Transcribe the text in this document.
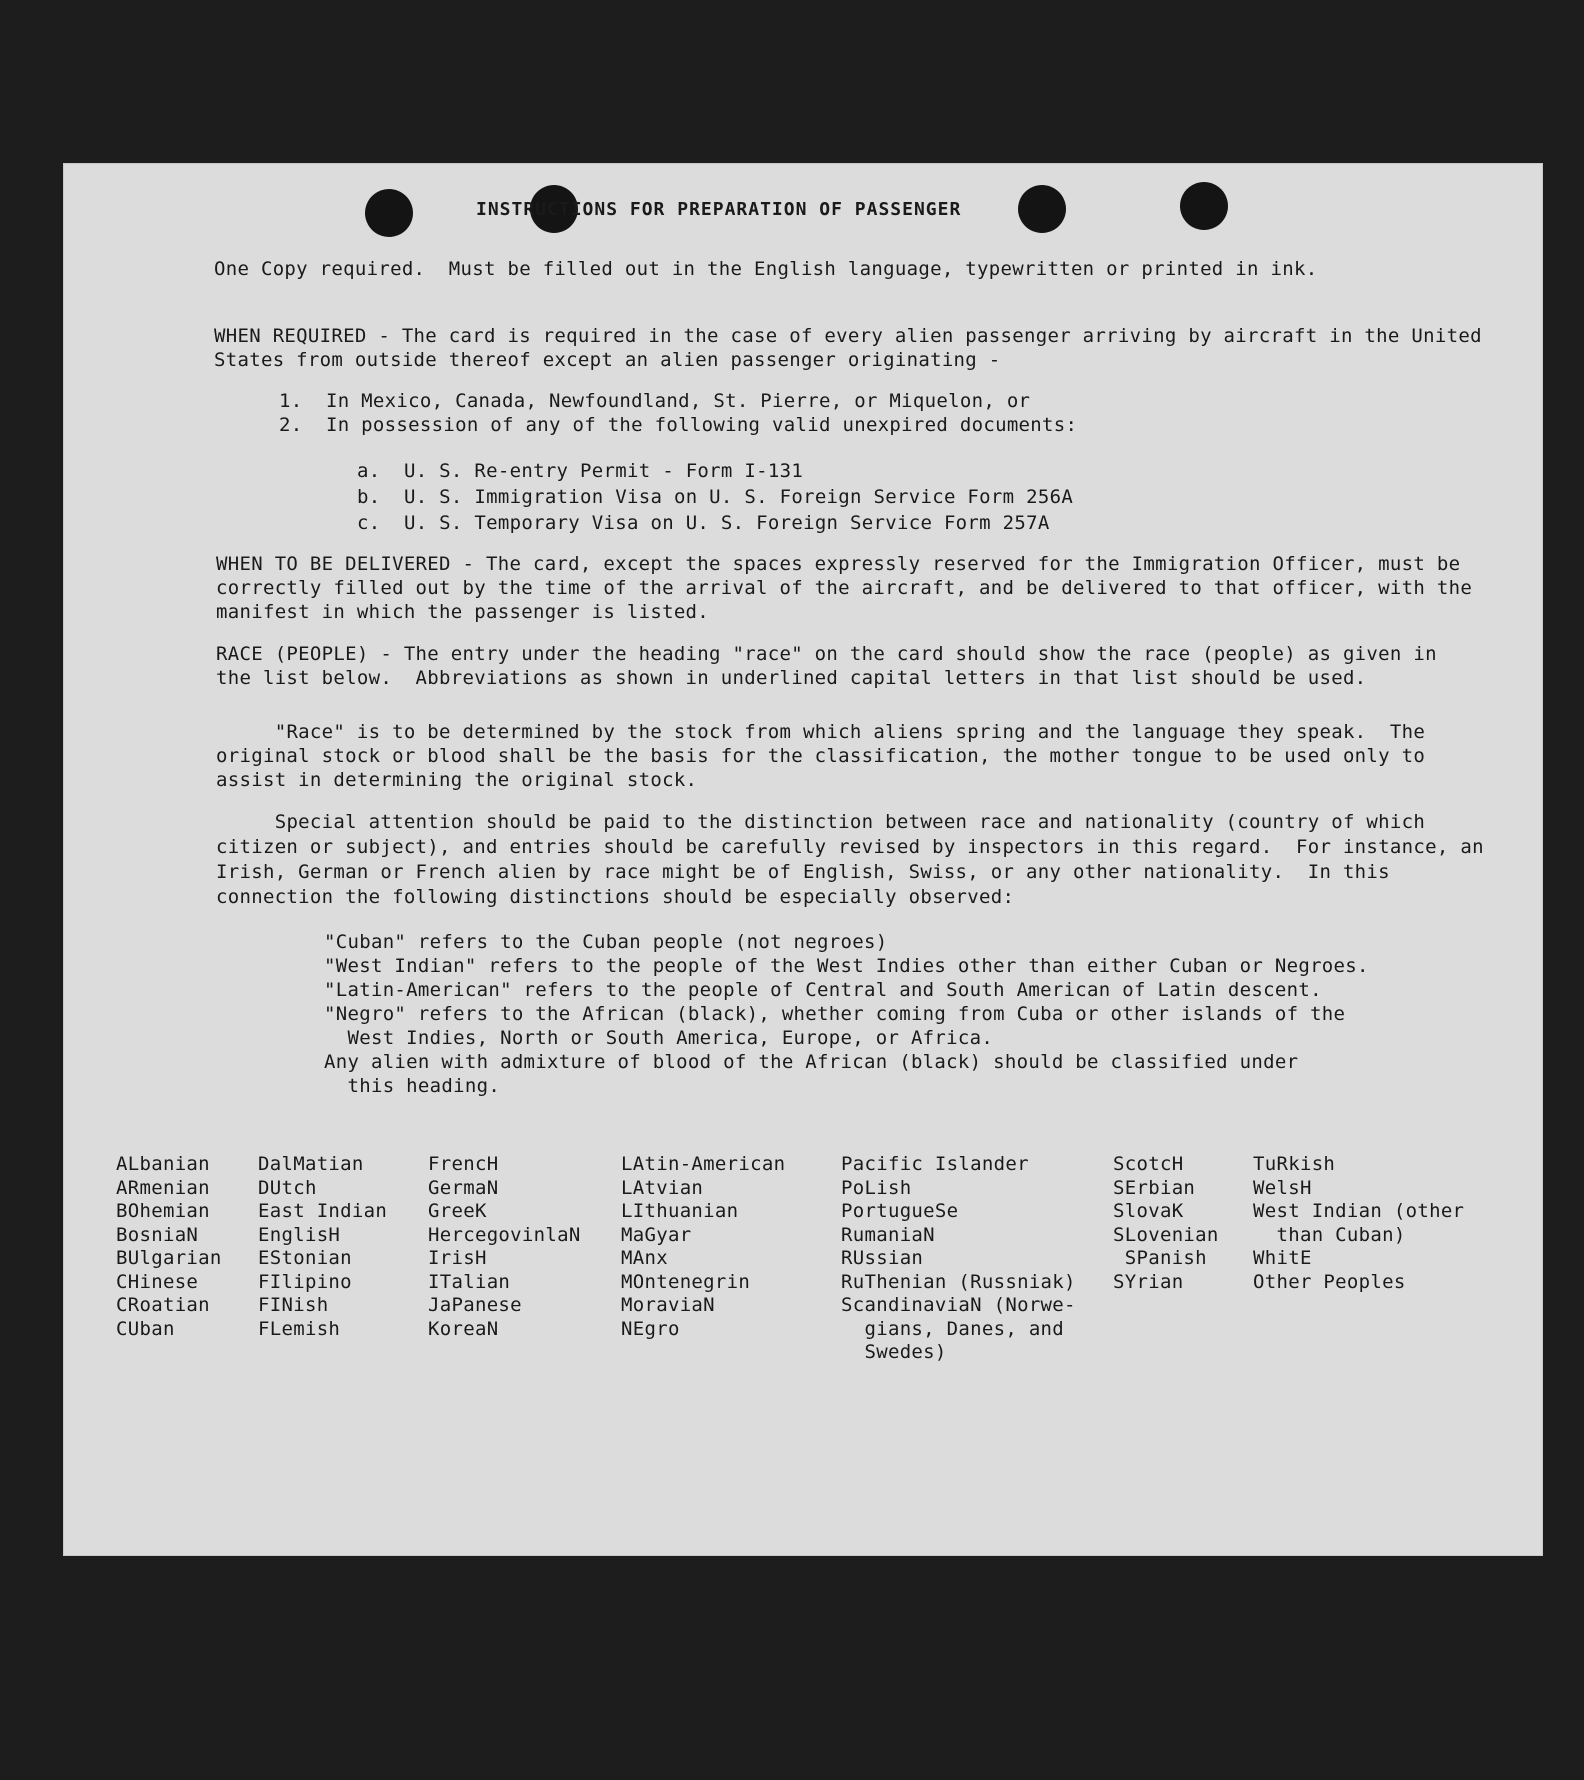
INSTRUCTIONS FOR PREPARATION OF PASSENGER
One Copy required.  Must be filled out in the English language, typewritten or printed in ink.
WHEN REQUIRED - The card is required in the case of every alien passenger arriving by aircraft in the United States from outside thereof except an alien passenger originating -
1.  In Mexico, Canada, Newfoundland, St. Pierre, or Miquelon, or
2.  In possession of any of the following valid unexpired documents:
a.  U. S. Re-entry Permit - Form I-131
b.  U. S. Immigration Visa on U. S. Foreign Service Form 256A
c.  U. S. Temporary Visa on U. S. Foreign Service Form 257A
WHEN TO BE DELIVERED - The card, except the spaces expressly reserved for the Immigration Officer, must be correctly filled out by the time of the arrival of the aircraft, and be delivered to that officer, with the manifest in which the passenger is listed.
RACE (PEOPLE) - The entry under the heading "race" on the card should show the race (people) as given in the list below.  Abbreviations as shown in underlined capital letters in that list should be used.
"Race" is to be determined by the stock from which aliens spring and the language they speak.  The original stock or blood shall be the basis for the classification, the mother tongue to be used only to assist in determining the original stock.
Special attention should be paid to the distinction between race and nationality (country of which citizen or subject), and entries should be carefully revised by inspectors in this regard.  For instance, an Irish, German or French alien by race might be of English, Swiss, or any other nationality.  In this connection the following distinctions should be especially observed:
"Cuban" refers to the Cuban people (not negroes)
"West Indian" refers to the people of the West Indies other than either Cuban or Negroes.
"Latin-American" refers to the people of Central and South American of Latin descent.
"Negro" refers to the African (black), whether coming from Cuba or other islands of the
West Indies, North or South America, Europe, or Africa.
Any alien with admixture of blood of the African (black) should be classified under
this heading.
ALbanian
ARmenian
BOhemian
BosniaN
BUlgarian
CHinese
CRoatian
CUban
DalMatian
DUtch
East Indian
EnglisH
EStonian
FIlipino
FINish
FLemish
FrencH
GermaN
GreeK
HercegovinlaN
IrisH
ITalian
JaPanese
KoreaN
LAtin-American
LAtvian
LIthuanian
MaGyar
MAnx
MOntenegrin
MoraviaN
NEgro
Pacific Islander
PoLish
PortugueSe
RumaniaN
RUssian
RuThenian (Russniak)
ScandinaviaN (Norwe-
gians, Danes, and
Swedes)
ScotcH
SErbian
SlovaK
SLovenian
SPanish
SYrian
TuRkish
WelsH
West Indian (other
than Cuban)
WhitE
Other Peoples
